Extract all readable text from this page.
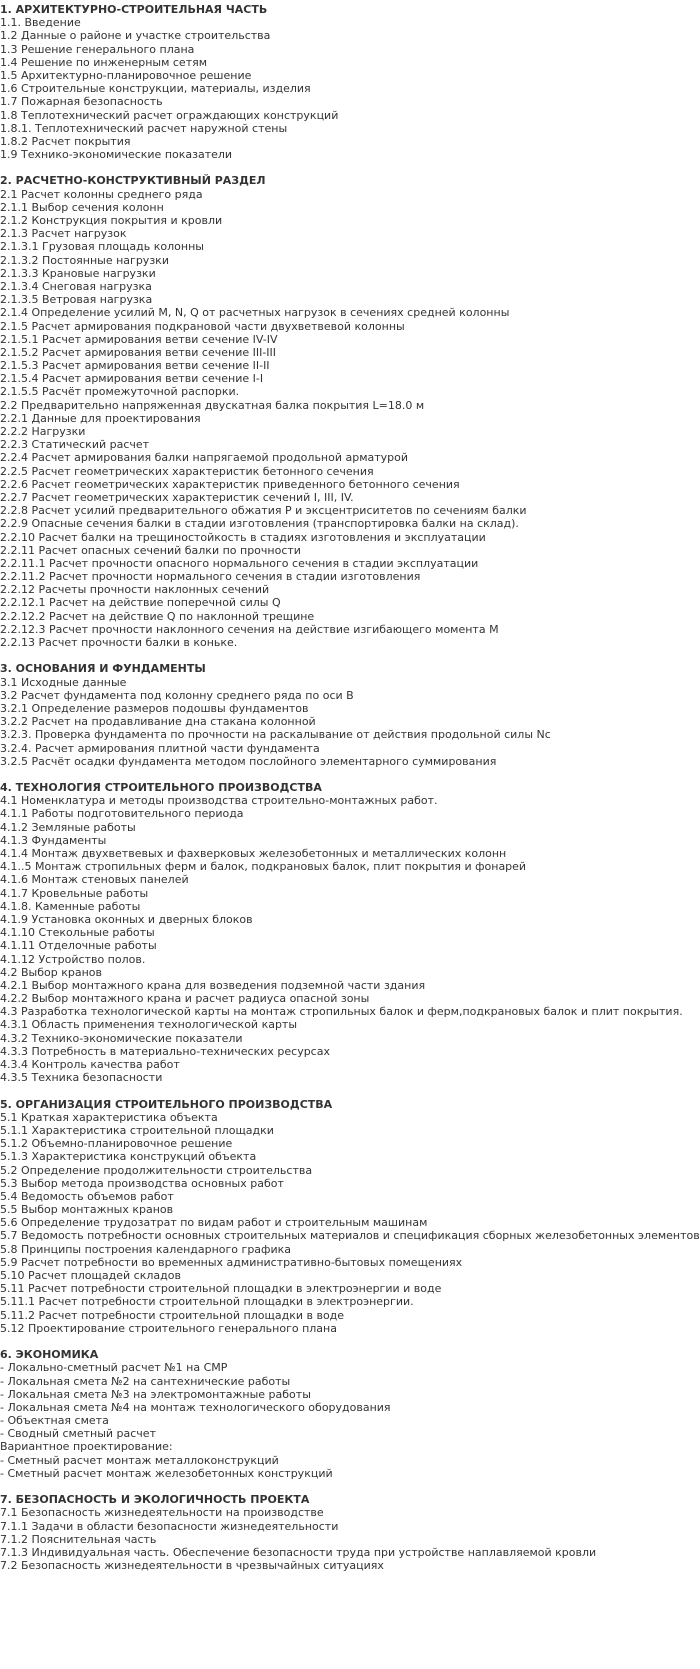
1. АРХИТЕКТУРНО-СТРОИТЕЛЬНАЯ ЧАСТЬ
1.1. Введение
1.2 Данные о районе и участке строительства
1.3 Решение генерального плана
1.4 Решение по инженерным сетям
1.5 Архитектурно-планировочное решение
1.6 Строительные конструкции, материалы, изделия
1.7 Пожарная безопасность
1.8 Теплотехнический расчет ограждающих конструкций
1.8.1. Теплотехнический расчет наружной стены
1.8.2 Расчет покрытия
1.9 Технико-экономические показатели
2. РАСЧЕТНО-КОНСТРУКТИВНЫЙ РАЗДЕЛ
2.1 Расчет колонны среднего ряда
2.1.1 Выбор сечения колонн
2.1.2 Конструкция покрытия и кровли
2.1.3 Расчет нагрузок
2.1.3.1 Грузовая площадь колонны
2.1.3.2 Постоянные нагрузки
2.1.3.3 Крановые нагрузки
2.1.3.4 Снеговая нагрузка
2.1.3.5 Ветровая нагрузка
2.1.4 Определение усилий M, N, Q от расчетных нагрузок в сечениях средней колонны
2.1.5 Расчет армирования подкрановой части двухветвевой колонны
2.1.5.1 Расчет армирования ветви сечение IV-IV
2.1.5.2 Расчет армирования ветви сечение III-III
2.1.5.3 Расчет армирования ветви сечение II-II
2.1.5.4 Расчет армирования ветви сечение I-I
2.1.5.5 Расчёт промежуточной распорки.
2.2 Предварительно напряженная двускатная балка покрытия L=18.0 м
2.2.1 Данные для проектирования
2.2.2 Нагрузки
2.2.3 Статический расчет
2.2.4 Расчет армирования балки напрягаемой продольной арматурой
2.2.5 Расчет геометрических характеристик бетонного сечения
2.2.6 Расчет геометрических характеристик приведенного бетонного сечения
2.2.7 Расчет геометрических характеристик сечений I, III, IV.
2.2.8 Расчет усилий предварительного обжатия P и эксцентриситетов по сечениям балки
2.2.9 Опасные сечения балки в стадии изготовления (транспортировка балки на склад).
2.2.10 Расчет балки на трещиностойкость в стадиях изготовления и эксплуатации
2.2.11 Расчет опасных сечений балки по прочности
2.2.11.1 Расчет прочности опасного нормального сечения в стадии эксплуатации
2.2.11.2 Расчет прочности нормального сечения в стадии изготовления
2.2.12 Расчеты прочности наклонных сечений
2.2.12.1 Расчет на действие поперечной силы Q
2.2.12.2 Расчет на действие Q по наклонной трещине
2.2.12.3 Расчет прочности наклонного сечения на действие изгибающего момента M
2.2.13 Расчет прочности балки в коньке.
3. ОСНОВАНИЯ И ФУНДАМЕНТЫ
3.1 Исходные данные
3.2 Расчет фундамента под колонну среднего ряда по оси В
3.2.1 Определение размеров подошвы фундаментов
3.2.2 Расчет на продавливание дна стакана колонной
3.2.3. Проверка фундамента по прочности на раскалывание от действия продольной силы Nc
3.2.4. Расчет армирования плитной части фундамента
3.2.5 Расчёт осадки фундамента методом послойного элементарного суммирования
4. ТЕХНОЛОГИЯ СТРОИТЕЛЬНОГО ПРОИЗВОДСТВА
4.1 Номенклатура и методы производства строительно-монтажных работ.
4.1.1 Работы подготовительного периода
4.1.2 Земляные работы
4.1.3 Фундаменты
4.1.4 Монтаж двухветвевых и фахверковых железобетонных и металлических колонн
4.1..5 Монтаж стропильных ферм и балок, подкрановых балок, плит покрытия и фонарей
4.1.6 Монтаж стеновых панелей
4.1.7 Кровельные работы
4.1.8. Каменные работы
4.1.9 Установка оконных и дверных блоков
4.1.10 Стекольные работы
4.1.11 Отделочные работы
4.1.12 Устройство полов.
4.2 Выбор кранов
4.2.1 Выбор монтажного крана для возведения подземной части здания
4.2.2 Выбор монтажного крана и расчет радиуса опасной зоны
4.3 Разработка технологической карты на монтаж стропильных балок и ферм,подкрановых балок и плит покрытия.
4.3.1 Область применения технологической карты
4.3.2 Технико-экономические показатели
4.3.3 Потребность в материально-технических ресурсах
4.3.4 Контроль качества работ
4.3.5 Техника безопасности
5. ОРГАНИЗАЦИЯ СТРОИТЕЛЬНОГО ПРОИЗВОДСТВА
5.1 Краткая характеристика объекта
5.1.1 Характеристика строительной площадки
5.1.2 Объемно-планировочное решение
5.1.3 Характеристика конструкций объекта
5.2 Определение продолжительности строительства
5.3 Выбор метода производства основных работ
5.4 Ведомость объемов работ
5.5 Выбор монтажных кранов
5.6 Определение трудозатрат по видам работ и строительным машинам
5.7 Ведомость потребности основных строительных материалов и спецификация сборных железобетонных элементов
5.8 Принципы построения календарного графика
5.9 Расчет потребности во временных административно-бытовых помещениях
5.10 Расчет площадей складов
5.11 Расчет потребности строительной площадки в электроэнергии и воде
5.11.1 Расчет потребности строительной площадки в электроэнергии.
5.11.2 Расчет потребности строительной площадки в воде
5.12 Проектирование строительного генерального плана
6. ЭКОНОМИКА
- Локально-сметный расчет №1 на СМР
- Локальная смета №2 на сантехнические работы
- Локальная смета №3 на электромонтажные работы
- Локальная смета №4 на монтаж технологического оборудования
- Объектная смета
- Сводный сметный расчет
Вариантное проектирование:
- Сметный расчет монтаж металлоконструкций
- Сметный расчет монтаж железобетонных конструкций
7. БЕЗОПАСНОСТЬ И ЭКОЛОГИЧНОСТЬ ПРОЕКТА
7.1 Безопасность жизнедеятельности на производстве
7.1.1 Задачи в области безопасности жизнедеятельности
7.1.2 Пояснительная часть
7.1.3 Индивидуальная часть. Обеспечение безопасности труда при устройстве наплавляемой кровли
7.2 Безопасность жизнедеятельности в чрезвычайных ситуациях
